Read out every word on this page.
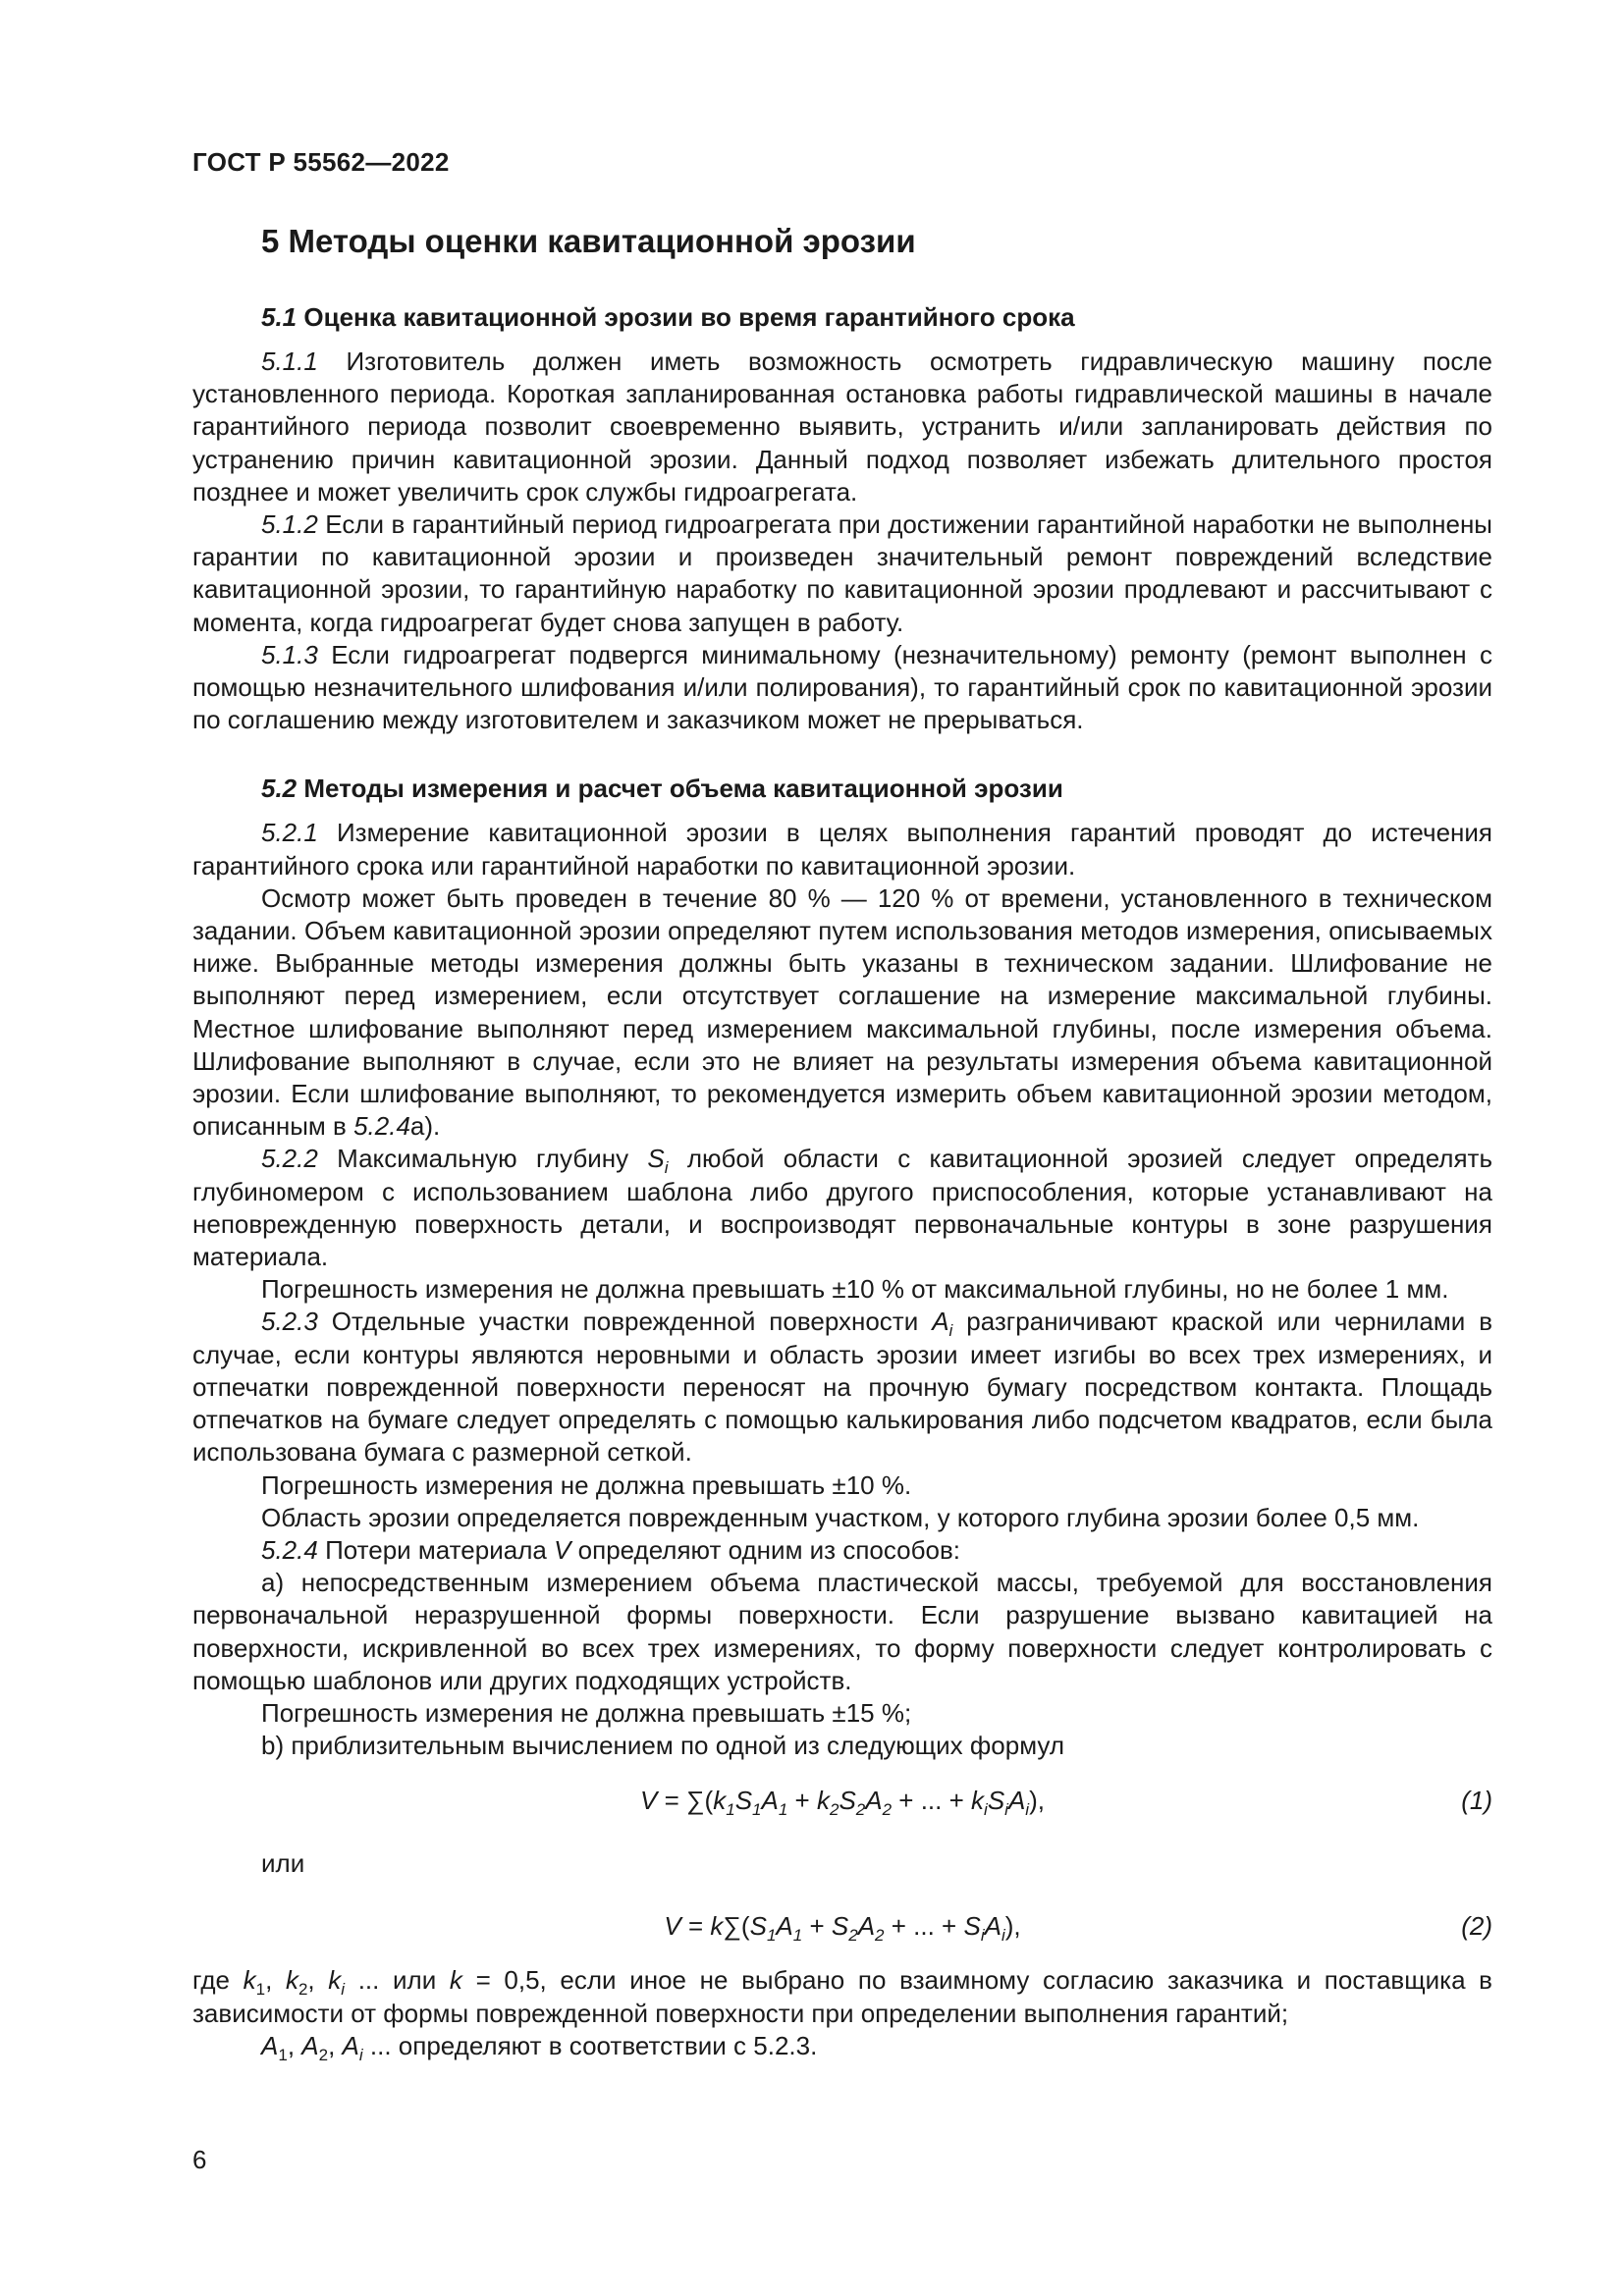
ГОСТ Р 55562—2022
5 Методы оценки кавитационной эрозии
5.1 Оценка кавитационной эрозии во время гарантийного срока

5.1.1 Изготовитель должен иметь возможность осмотреть гидравлическую машину после установленного периода. Короткая запланированная остановка работы гидравлической машины в начале гарантийного периода позволит своевременно выявить, устранить и/или запланировать действия по устранению причин кавитационной эрозии. Данный подход позволяет избежать длительного простоя позднее и может увеличить срок службы гидроагрегата.

5.1.2 Если в гарантийный период гидроагрегата при достижении гарантийной наработки не выполнены гарантии по кавитационной эрозии и произведен значительный ремонт повреждений вследствие кавитационной эрозии, то гарантийную наработку по кавитационной эрозии продлевают и рассчитывают с момента, когда гидроагрегат будет снова запущен в работу.

5.1.3 Если гидроагрегат подвергся минимальному (незначительному) ремонту (ремонт выполнен с помощью незначительного шлифования и/или полирования), то гарантийный срок по кавитационной эрозии по соглашению между изготовителем и заказчиком может не прерываться.

5.2 Методы измерения и расчет объема кавитационной эрозии

5.2.1 Измерение кавитационной эрозии в целях выполнения гарантий проводят до истечения гарантийного срока или гарантийной наработки по кавитационной эрозии.

Осмотр может быть проведен в течение 80 % — 120 % от времени, установленного в техническом задании. Объем кавитационной эрозии определяют путем использования методов измерения, описываемых ниже. Выбранные методы измерения должны быть указаны в техническом задании. Шлифование не выполняют перед измерением, если отсутствует соглашение на измерение максимальной глубины. Местное шлифование выполняют перед измерением максимальной глубины, после измерения объема. Шлифование выполняют в случае, если это не влияет на результаты измерения объема кавитационной эрозии. Если шлифование выполняют, то рекомендуется измерить объем кавитационной эрозии методом, описанным в 5.2.4а).

5.2.2 Максимальную глубину $S_i$ любой области с кавитационной эрозией следует определять глубиномером с использованием шаблона либо другого приспособления, которые устанавливают на неповрежденную поверхность детали, и воспроизводят первоначальные контуры в зоне разрушения материала.

Погрешность измерения не должна превышать ±10 % от максимальной глубины, но не более 1 мм.

5.2.3 Отдельные участки поврежденной поверхности $A_i$ разграничивают краской или чернилами в случае, если контуры являются неровными и область эрозии имеет изгибы во всех трех измерениях, и отпечатки поврежденной поверхности переносят на прочную бумагу посредством контакта. Площадь отпечатков на бумаге следует определять с помощью калькирования либо подсчетом квадратов, если была использована бумага с размерной сеткой.

Погрешность измерения не должна превышать ±10 %.

Область эрозии определяется поврежденным участком, у которого глубина эрозии более 0,5 мм.

5.2.4 Потери материала V определяют одним из способов:

а) непосредственным измерением объема пластической массы, требуемой для восстановления первоначальной неразрушенной формы поверхности. Если разрушение вызвано кавитацией на поверхности, искривленной во всех трех измерениях, то форму поверхности следует контролировать с помощью шаблонов или других подходящих устройств.

Погрешность измерения не должна превышать ±15 %;

b) приблизительным вычислением по одной из следующих формул

$V = \sum(k_1S_1A_1 + k_2S_2A_2$ + ... + $k_iS_iA_i$),	(1)
или
$V = k\sum(S_1A_1 + S_2A_2$ + ... + $S_iA_i$),	(2)

где $k_1$, $k_2$, $k_i$ ... или k = 0,5, если иное не выбрано по взаимному согласию заказчика и поставщика в зависимости от формы поврежденной поверхности при определении выполнения гарантий;

$A_1$, $A_2$, $A_i$ ... определяют в соответствии с 5.2.3.

6
